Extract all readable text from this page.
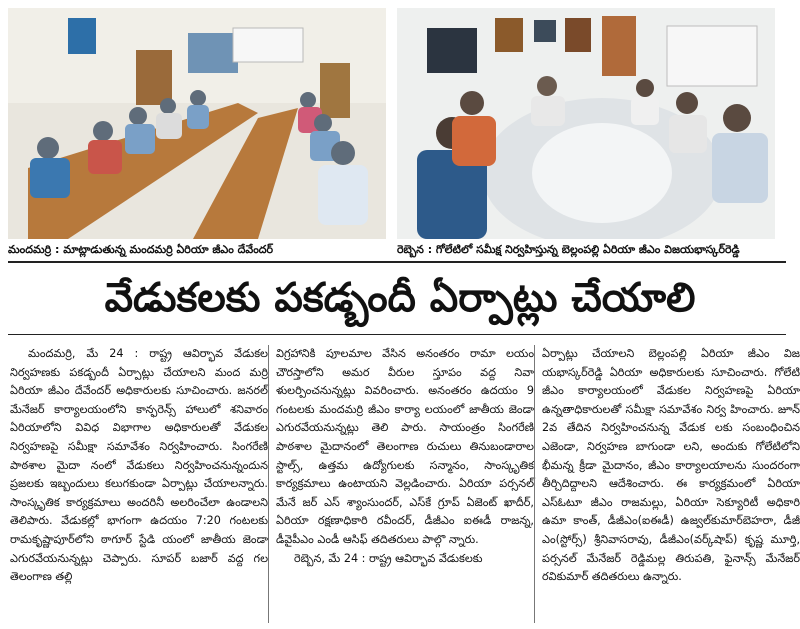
మందమర్రి : మాట్లాడుతున్న మందమర్రి ఏరియా జీఎం దేవేందర్	రెబ్బెన : గోలేటిలో సమీక్ష నిర్వహిస్తున్న బెల్లంపల్లి ఏరియా జీఎం విజయభాస్కర్‌రెడ్డి
వేడుకలకు పకడ్బందీ ఏర్పాట్లు చేయాలి

మందమర్రి, మే 24 : రాష్ట్ర ఆవిర్భావ వేడుకల నిర్వహణకు పకడ్బందీ ఏర్పాట్లు చేయాలని మంద మర్రి ఏరియా జీఎం దేవేందర్‌ అధికారులకు సూచించారు. జనరల్‌ మేనేజర్‌ కార్యాలయంలోని కాన్ఫరెన్స్‌ హాలులో శనివారం ఏరియాలోని వివిధ విభాగాల అధికారులతో వేడుకల నిర్వహణపై సమీక్షా సమావేశం నిర్వహించారు. సింగరేణి పాఠశాల మైదా నంలో వేడుకలు నిర్వహించనున్నందున ప్రజలకు ఇబ్బందులు కలుగకుండా ఏర్పాట్లు చేయాలన్నారు. సాంస్కృతిక కార్యక్రమాలు అందరినీ అలరించేలా ఉండాలని తెలిపారు. వేడుకల్లో భాగంగా ఉదయం 7:20 గంటలకు రామకృష్ణాపూర్‌లోని ఠాగూర్‌ స్టేడి యంలో జాతీయ జెండా ఎగురవేయనున్నట్లు చెప్పారు. సూపర్‌ బజార్‌ వద్ద గల తెలంగాణ తల్లి

విగ్రహానికి పూలమాల వేసిన అనంతరం రామా లయం చౌరస్తాలోని అమర వీరుల స్తూపం వద్ద నివా ళులర్పించనున్నట్లు వివరించారు. అనంతరం ఉదయం 9 గంటలకు మందమర్రి జీఎం కార్యా లయంలో జాతీయ జెండా ఎగురవేయనున్నట్లు తెలి పారు. సాయంత్రం సింగరేణి పాఠశాల మైదానంలో తెలంగాణ రుచులు తినుబండారాల స్టాల్స్‌, ఉత్తమ ఉద్యోగులకు సన్మానం, సాంస్కృతిక కార్యక్రమాలు ఉంటాయని వెల్లడించారు. ఏరియా పర్సనల్‌ మేనే జర్‌ ఎస్‌ శ్యాంసుందర్‌, ఎస్‌కే గ్రూప్‌ ఏజెంట్‌ ఖాదీర్‌, ఏరియా రక్షణాధికారి రవీందర్‌, డీజీఎం ఐఈడీ రాజన్న, డీవైపీఎం ఎండీ ఆసిఫ్‌ తదితరులు పాల్గొ న్నారు.

రెబ్బెన, మే 24 : రాష్ట్ర ఆవిర్భావ వేడుకలకు

ఏర్పాట్లు చేయాలని బెల్లంపల్లి ఏరియా జీఎం విజ యభాస్కర్‌రెడ్డి ఏరియా అధికారులకు సూచించారు. గోలేటి జీఎం కార్యాలయంలో వేడుకల నిర్వహణపై ఏరియా ఉన్నతాధికారులతో సమీక్షా సమావేశం నిర్వ హించారు. జూన్‌ 2వ తేదిన నిర్వహించనున్న వేడుక లకు సంబంధించిన ఎజెండా, నిర్వహణ బాగుండా లని, అందుకు గోలేటిలోని భీమన్న క్రీడా మైదానం, జీఎం కార్యాలయాలను సుందరంగా తీర్చిదిద్దాలని ఆదేశించారు. ఈ కార్యక్రమంలో ఏరియా ఎస్‌ఓటూ జీఎం రాజమల్లు, ఏరియా సెక్యూరిటీ అధికారి ఉమా కాంత్‌, డీజీఎం(ఐఈడీ) ఉజ్వల్‌కుమార్‌బెహరా, డీజీ ఎం(స్టోర్స్‌) శ్రీనివాసరావు, డీజీఎం(వర్క్‌షాప్‌) కృష్ణ మూర్తి, పర్సనల్‌ మేనేజర్‌ రెడ్డిమల్ల తిరుపతి, ఫైనాన్స్‌ మేనేజర్‌ రవికుమార్‌ తదితరులు ఉన్నారు.
